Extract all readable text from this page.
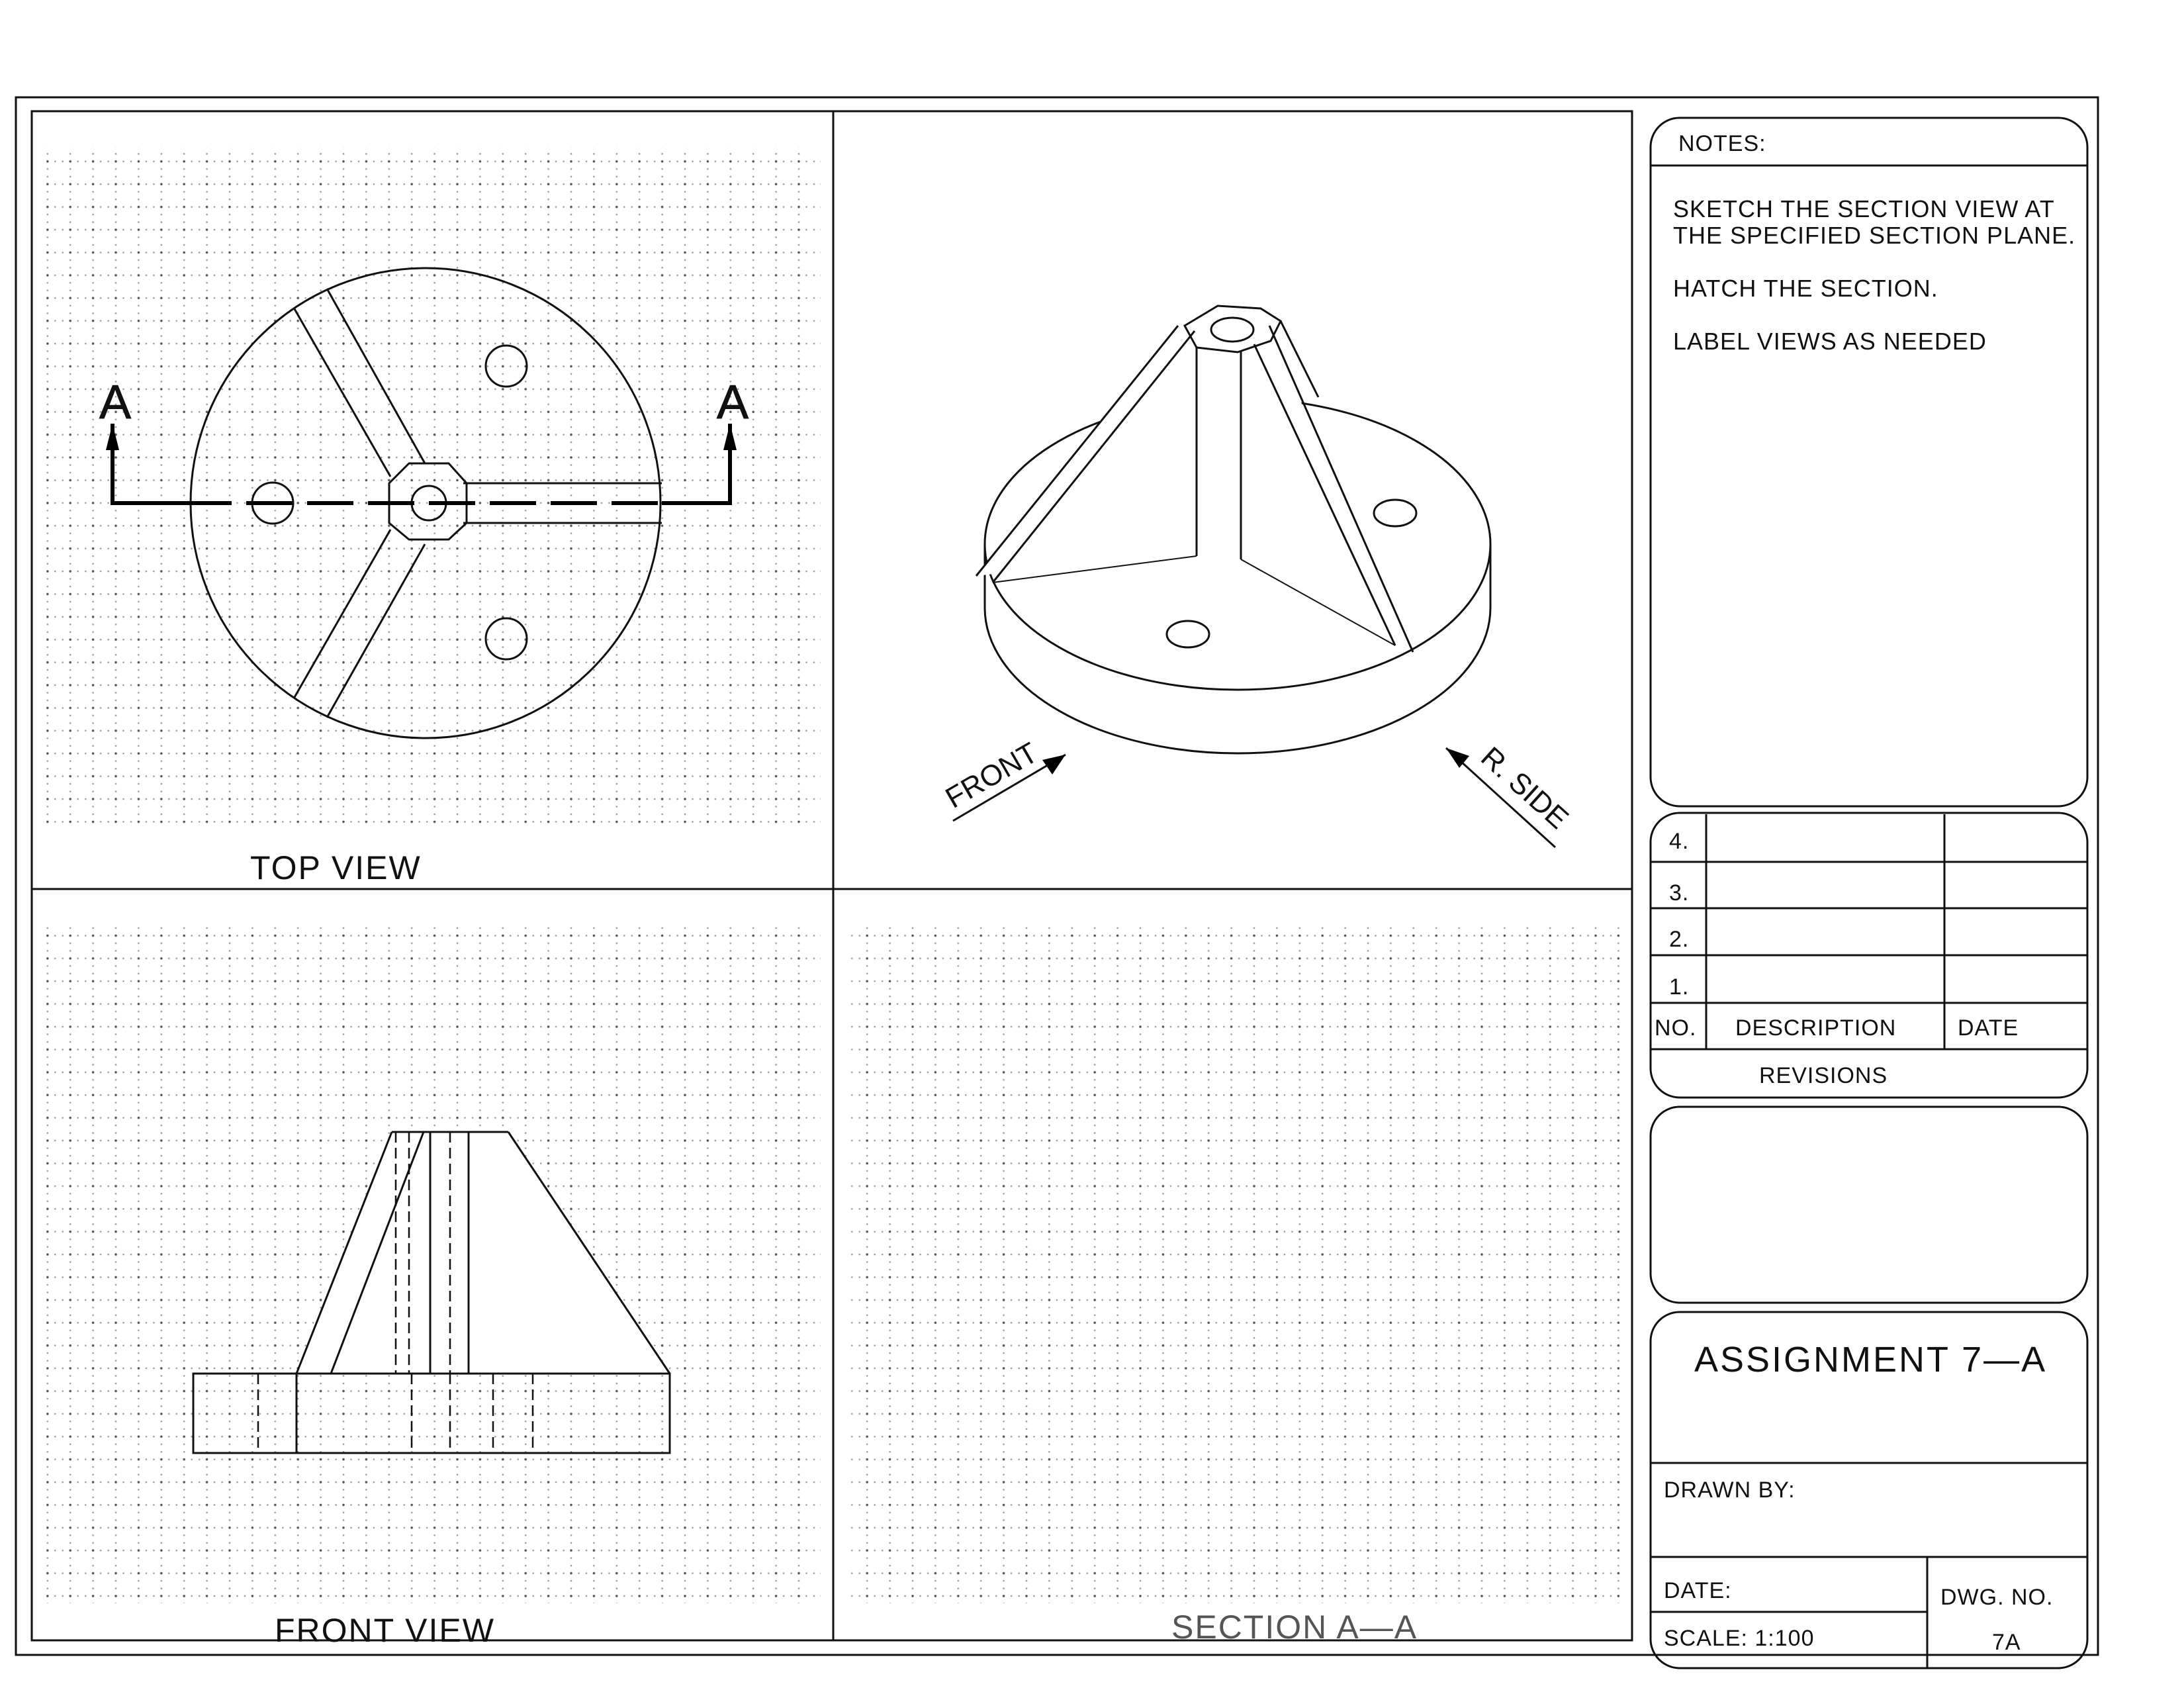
A	A
TOP VIEW
FRONT	R. SIDE
FRONT VIEW	SECTION A—A
NOTES:
SKETCH THE SECTION VIEW AT
THE SPECIFIED SECTION PLANE.
HATCH THE SECTION.
LABEL VIEWS AS NEEDED
4.
3.
2.
1.
NO. DESCRIPTION	DATE
REVISIONS
ASSIGNMENT 7—A
DRAWN BY:
DATE:
SCALE: 1:100
DWG. NO.
7A
